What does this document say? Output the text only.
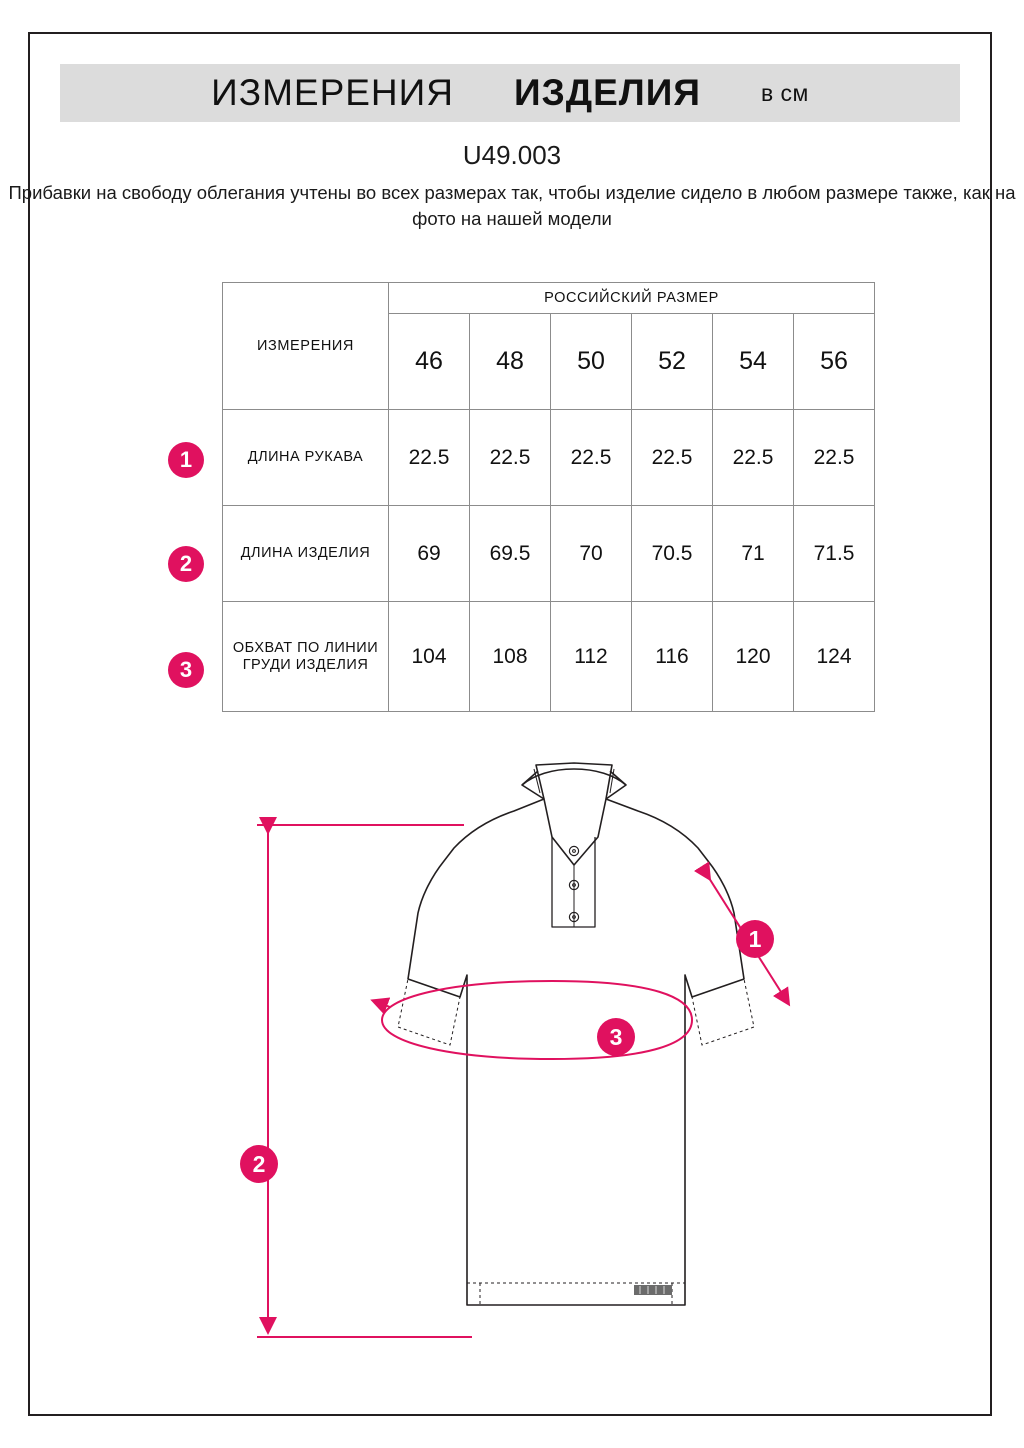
ИЗМЕРЕНИЯ ИЗДЕЛИЯ	в см
U49.003
Прибавки на свободу облегания учтены во всех размерах так, чтобы изделие сидело в любом размере также, как на фото на нашей модели
ИЗМЕРЕНИЯ	РОССИЙСКИЙ РАЗМЕР					
	46	48	50	52	54	56
ДЛИНА РУКАВА	22.5	22.5	22.5	22.5	22.5	22.5
ДЛИНА ИЗДЕЛИЯ	69	69.5	70	70.5	71	71.5
ОБХВАТ ПО ЛИНИИ ГРУДИ ИЗДЕЛИЯ	104	108	112	116	120	124
1
2
3
1
2
3
